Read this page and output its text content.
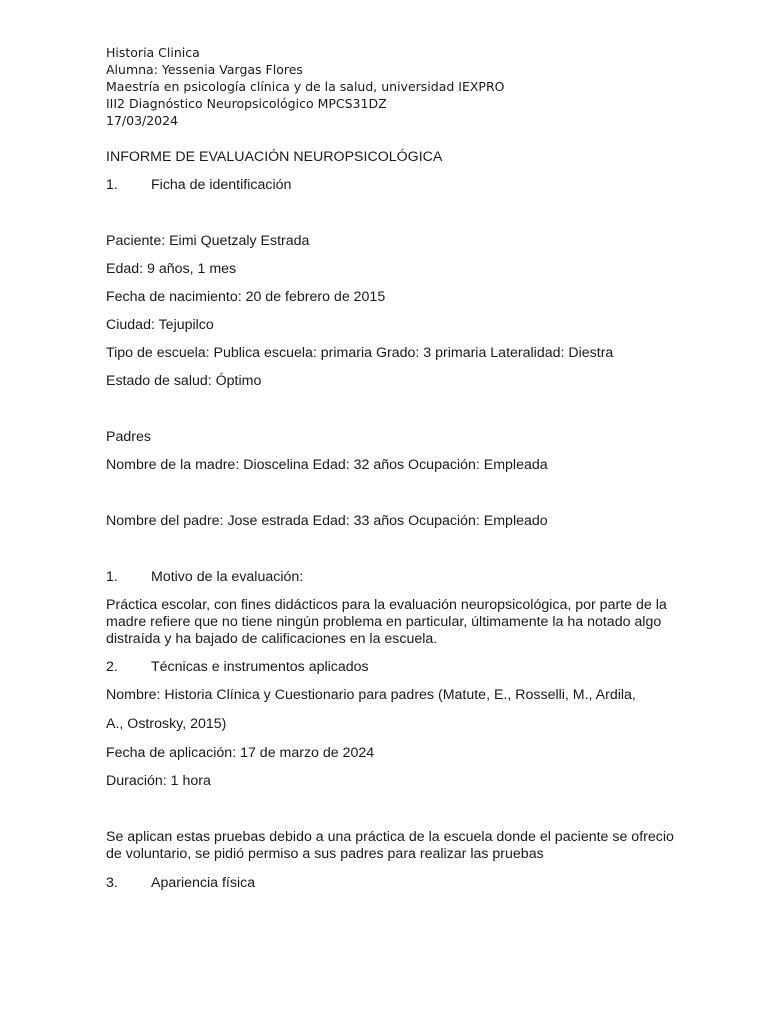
Historia Clinica
Alumna: Yessenia Vargas Flores
Maestría en psicología clínica y de la salud, universidad IEXPRO
III2 Diagnóstico Neuropsicológico MPCS31DZ
17/03/2024
INFORME DE EVALUACIÓN NEUROPSICOLÓGICA
1. Ficha de identificación
Paciente: Eimi Quetzaly Estrada
Edad: 9 años, 1 mes
Fecha de nacimiento: 20 de febrero de 2015
Ciudad: Tejupilco
Tipo de escuela: Publica escuela: primaria Grado: 3 primaria Lateralidad: Diestra
Estado de salud: Óptimo
Padres
Nombre de la madre: Dioscelina Edad: 32 años Ocupación: Empleada
Nombre del padre: Jose estrada Edad: 33 años Ocupación: Empleado
1. Motivo de la evaluación:
Práctica escolar, con fines didácticos para la evaluación neuropsicológica, por parte de la
madre refiere que no tiene ningún problema en particular, últimamente la ha notado algo
distraída y ha bajado de calificaciones en la escuela.
2. Técnicas e instrumentos aplicados
Nombre: Historia Clínica y Cuestionario para padres (Matute, E., Rosselli, M., Ardila,
A., Ostrosky, 2015)
Fecha de aplicación: 17 de marzo de 2024
Duración: 1 hora
Se aplican estas pruebas debido a una práctica de la escuela donde el paciente se ofrecio
de voluntario, se pidió permiso a sus padres para realizar las pruebas
3. Apariencia física
